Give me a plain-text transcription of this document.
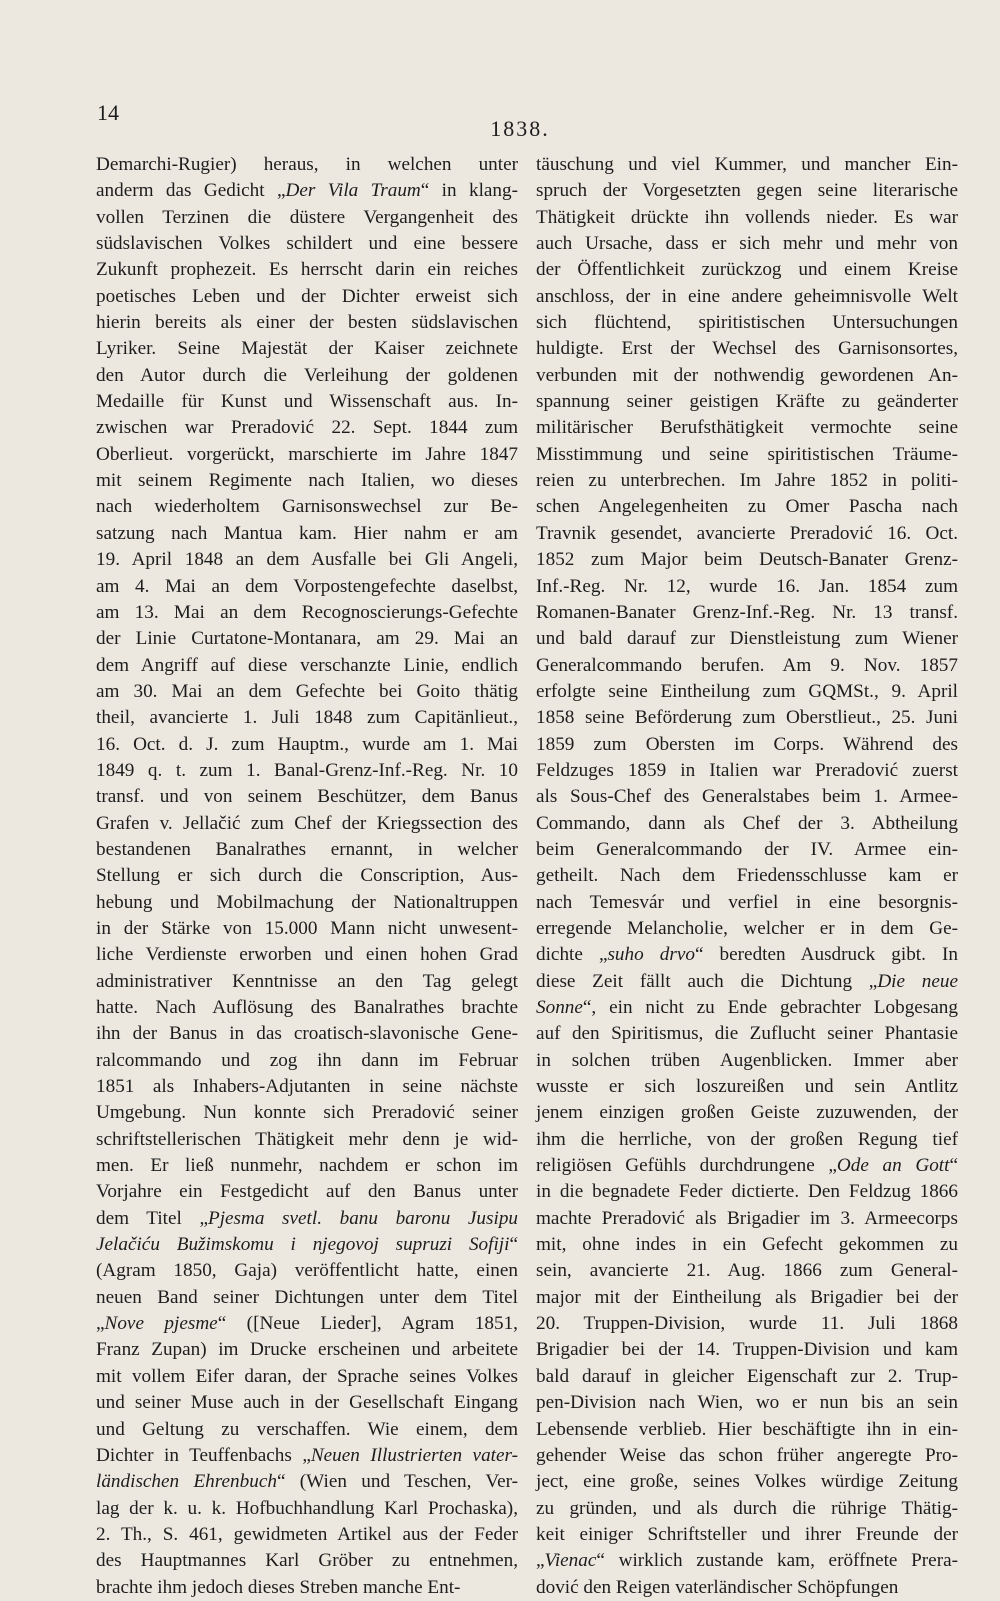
14
1838.
Demarchi-Rugier) heraus, in welchen unter
anderm das Gedicht „Der Vila Traum“ in klang-
vollen Terzinen die düstere Vergangenheit des
südslavischen Volkes schildert und eine bessere
Zukunft prophezeit. Es herrscht darin ein reiches
poetisches Leben und der Dichter erweist sich
hierin bereits als einer der besten südslavischen
Lyriker. Seine Majestät der Kaiser zeichnete
den Autor durch die Verleihung der goldenen
Medaille für Kunst und Wissenschaft aus. In-
zwischen war Preradović 22. Sept. 1844 zum
Oberlieut. vorgerückt, marschierte im Jahre 1847
mit seinem Regimente nach Italien, wo dieses
nach wiederholtem Garnisonswechsel zur Be-
satzung nach Mantua kam. Hier nahm er am
19. April 1848 an dem Ausfalle bei Gli Angeli,
am 4. Mai an dem Vorpostengefechte daselbst,
am 13. Mai an dem Recognoscierungs-Gefechte
der Linie Curtatone-Montanara, am 29. Mai an
dem Angriff auf diese verschanzte Linie, endlich
am 30. Mai an dem Gefechte bei Goito thätig
theil, avancierte 1. Juli 1848 zum Capitänlieut.,
16. Oct. d. J. zum Hauptm., wurde am 1. Mai
1849 q. t. zum 1. Banal-Grenz-Inf.-Reg. Nr. 10
transf. und von seinem Beschützer, dem Banus
Grafen v. Jellačić zum Chef der Kriegssection des
bestandenen Banalrathes ernannt, in welcher
Stellung er sich durch die Conscription, Aus-
hebung und Mobilmachung der Nationaltruppen
in der Stärke von 15.000 Mann nicht unwesent-
liche Verdienste erworben und einen hohen Grad
administrativer Kenntnisse an den Tag gelegt
hatte. Nach Auflösung des Banalrathes brachte
ihn der Banus in das croatisch-slavonische Gene-
ralcommando und zog ihn dann im Februar
1851 als Inhabers-Adjutanten in seine nächste
Umgebung. Nun konnte sich Preradović seiner
schriftstellerischen Thätigkeit mehr denn je wid-
men. Er ließ nunmehr, nachdem er schon im
Vorjahre ein Festgedicht auf den Banus unter
dem Titel „Pjesma svetl. banu baronu Jusipu
Jelačiću Bužimskomu i njegovoj supruzi Sofiji“
(Agram 1850, Gaja) veröffentlicht hatte, einen
neuen Band seiner Dichtungen unter dem Titel
„Nove pjesme“ ([Neue Lieder], Agram 1851,
Franz Zupan) im Drucke erscheinen und arbeitete
mit vollem Eifer daran, der Sprache seines Volkes
und seiner Muse auch in der Gesellschaft Eingang
und Geltung zu verschaffen. Wie einem, dem
Dichter in Teuffenbachs „Neuen Illustrierten vater-
ländischen Ehrenbuch“ (Wien und Teschen, Ver-
lag der k. u. k. Hofbuchhandlung Karl Prochaska),
2. Th., S. 461, gewidmeten Artikel aus der Feder
des Hauptmannes Karl Gröber zu entnehmen,
brachte ihm jedoch dieses Streben manche Ent-
täuschung und viel Kummer, und mancher Ein-
spruch der Vorgesetzten gegen seine literarische
Thätigkeit drückte ihn vollends nieder. Es war
auch Ursache, dass er sich mehr und mehr von
der Öffentlichkeit zurückzog und einem Kreise
anschloss, der in eine andere geheimnisvolle Welt
sich flüchtend, spiritistischen Untersuchungen
huldigte. Erst der Wechsel des Garnisonsortes,
verbunden mit der nothwendig gewordenen An-
spannung seiner geistigen Kräfte zu geänderter
militärischer Berufsthätigkeit vermochte seine
Misstimmung und seine spiritistischen Träume-
reien zu unterbrechen. Im Jahre 1852 in politi-
schen Angelegenheiten zu Omer Pascha nach
Travnik gesendet, avancierte Preradović 16. Oct.
1852 zum Major beim Deutsch-Banater Grenz-
Inf.-Reg. Nr. 12, wurde 16. Jan. 1854 zum
Romanen-Banater Grenz-Inf.-Reg. Nr. 13 transf.
und bald darauf zur Dienstleistung zum Wiener
Generalcommando berufen. Am 9. Nov. 1857
erfolgte seine Eintheilung zum GQMSt., 9. April
1858 seine Beförderung zum Oberstlieut., 25. Juni
1859 zum Obersten im Corps. Während des
Feldzuges 1859 in Italien war Preradović zuerst
als Sous-Chef des Generalstabes beim 1. Armee-
Commando, dann als Chef der 3. Abtheilung
beim Generalcommando der IV. Armee ein-
getheilt. Nach dem Friedensschlusse kam er
nach Temesvár und verfiel in eine besorgnis-
erregende Melancholie, welcher er in dem Ge-
dichte „suho drvo“ beredten Ausdruck gibt. In
diese Zeit fällt auch die Dichtung „Die neue
Sonne“, ein nicht zu Ende gebrachter Lobgesang
auf den Spiritismus, die Zuflucht seiner Phantasie
in solchen trüben Augenblicken. Immer aber
wusste er sich loszureißen und sein Antlitz
jenem einzigen großen Geiste zuzuwenden, der
ihm die herrliche, von der großen Regung tief
religiösen Gefühls durchdrungene „Ode an Gott“
in die begnadete Feder dictierte. Den Feldzug 1866
machte Preradović als Brigadier im 3. Armeecorps
mit, ohne indes in ein Gefecht gekommen zu
sein, avancierte 21. Aug. 1866 zum General-
major mit der Eintheilung als Brigadier bei der
20. Truppen-Division, wurde 11. Juli 1868
Brigadier bei der 14. Truppen-Division und kam
bald darauf in gleicher Eigenschaft zur 2. Trup-
pen-Division nach Wien, wo er nun bis an sein
Lebensende verblieb. Hier beschäftigte ihn in ein-
gehender Weise das schon früher angeregte Pro-
ject, eine große, seines Volkes würdige Zeitung
zu gründen, und als durch die rührige Thätig-
keit einiger Schriftsteller und ihrer Freunde der
„Vienac“ wirklich zustande kam, eröffnete Prera-
dović den Reigen vaterländischer Schöpfungen
